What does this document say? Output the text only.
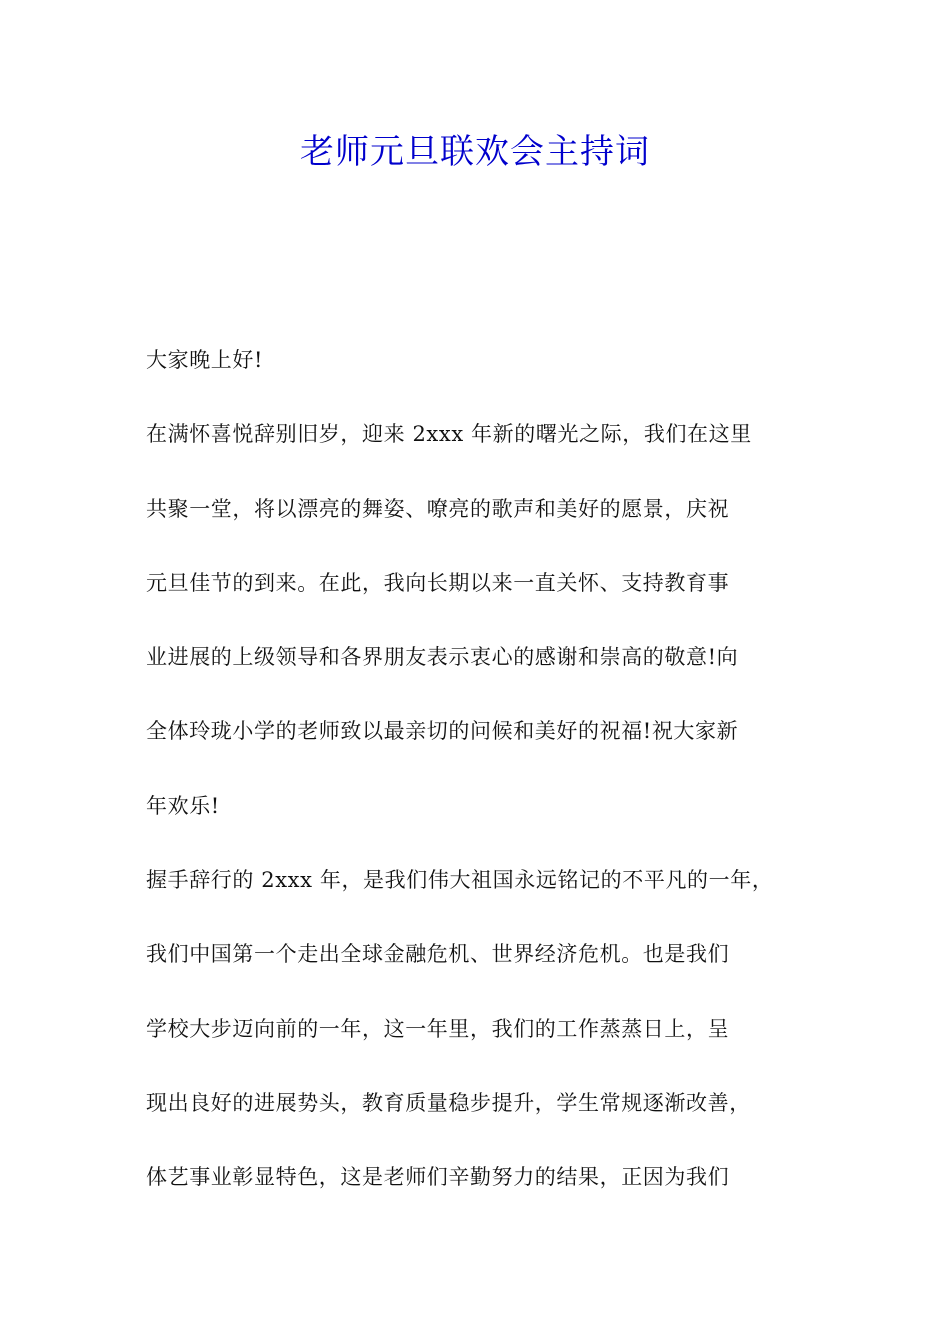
老师元旦联欢会主持词
大家晚上好!
在满怀喜悦辞别旧岁，迎来 2xxx 年新的曙光之际，我们在这里
共聚一堂，将以漂亮的舞姿、嘹亮的歌声和美好的愿景，庆祝
元旦佳节的到来。在此，我向长期以来一直关怀、支持教育事
业进展的上级领导和各界朋友表示衷心的感谢和崇高的敬意!向
全体玲珑小学的老师致以最亲切的问候和美好的祝福!祝大家新
年欢乐!
握手辞行的 2xxx 年，是我们伟大祖国永远铭记的不平凡的一年，
我们中国第一个走出全球金融危机、世界经济危机。也是我们
学校大步迈向前的一年，这一年里，我们的工作蒸蒸日上，呈
现出良好的进展势头，教育质量稳步提升，学生常规逐渐改善，
体艺事业彰显特色，这是老师们辛勤努力的结果，正因为我们
